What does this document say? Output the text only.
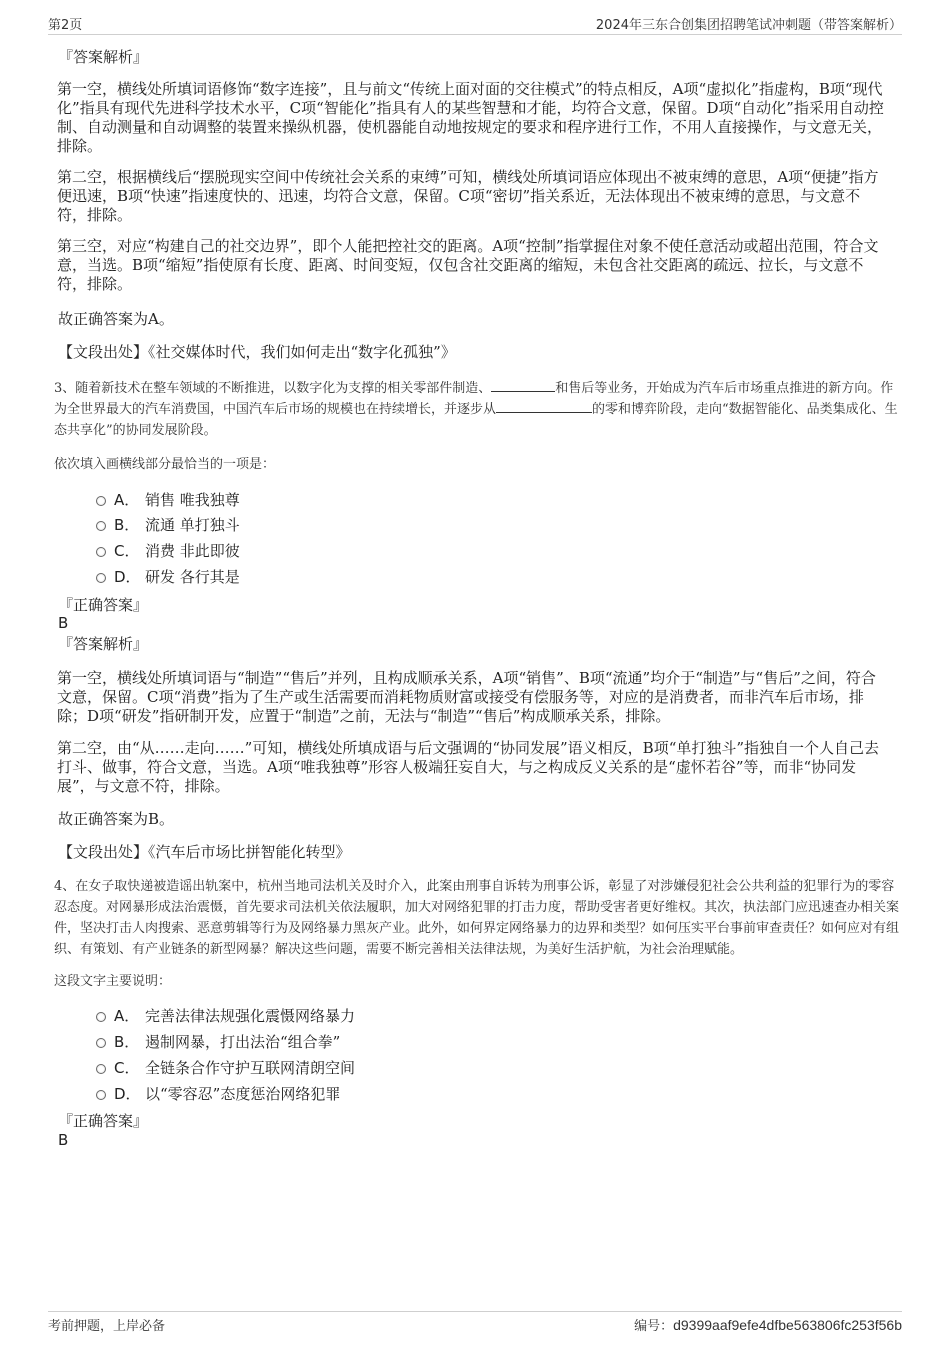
第2页	2024年三东合创集团招聘笔试冲刺题（带答案解析）
『答案解析』
第一空，横线处所填词语修饰“数字连接”，且与前文“传统上面对面的交往模式”的特点相反，A项“虚拟化”指虚构，B项“现代化”指具有现代先进科学技术水平，C项“智能化”指具有人的某些智慧和才能，均符合文意，保留。D项“自动化”指采用自动控制、自动测量和自动调整的装置来操纵机器，使机器能自动地按规定的要求和程序进行工作，不用人直接操作，与文意无关，排除。
第二空，根据横线后“摆脱现实空间中传统社会关系的束缚”可知，横线处所填词语应体现出不被束缚的意思，A项“便捷”指方便迅速，B项“快速”指速度快的、迅速，均符合文意，保留。C项“密切”指关系近，无法体现出不被束缚的意思，与文意不符，排除。
第三空，对应“构建自己的社交边界”，即个人能把控社交的距离。A项“控制”指掌握住对象不使任意活动或超出范围，符合文意，当选。B项“缩短”指使原有长度、距离、时间变短，仅包含社交距离的缩短，未包含社交距离的疏远、拉长，与文意不符，排除。
故正确答案为A。
【文段出处】《社交媒体时代，我们如何走出“数字化孤独”》
3、随着新技术在整车领域的不断推进，以数字化为支撑的相关零部件制造、	和售后等业务，开始成为汽车后市场重点推进的新方向。作为全世界最大的汽车消费国，中国汽车后市场的规模也在持续增长，并逐步从	的零和博弈阶段，走向“数据智能化、品类集成化、生态共享化”的协同发展阶段。
依次填入画横线部分最恰当的一项是：
A． 销售 唯我独尊
B． 流通 单打独斗
C． 消费 非此即彼
D． 研发 各行其是
『正确答案』
B
『答案解析』
第一空，横线处所填词语与“制造”“售后”并列，且构成顺承关系，A项“销售”、B项“流通”均介于“制造”与“售后”之间，符合文意，保留。C项“消费”指为了生产或生活需要而消耗物质财富或接受有偿服务等，对应的是消费者，而非汽车后市场，排除；D项“研发”指研制开发，应置于“制造”之前，无法与“制造”“售后”构成顺承关系，排除。
第二空，由“从……走向……”可知，横线处所填成语与后文强调的“协同发展”语义相反，B项“单打独斗”指独自一个人自己去打斗、做事，符合文意，当选。A项“唯我独尊”形容人极端狂妄自大，与之构成反义关系的是“虚怀若谷”等，而非“协同发展”，与文意不符，排除。
故正确答案为B。
【文段出处】《汽车后市场比拼智能化转型》
4、在女子取快递被造谣出轨案中，杭州当地司法机关及时介入，此案由刑事自诉转为刑事公诉，彰显了对涉嫌侵犯社会公共利益的犯罪行为的零容忍态度。对网暴形成法治震慑，首先要求司法机关依法履职，加大对网络犯罪的打击力度，帮助受害者更好维权。其次，执法部门应迅速查办相关案件，坚决打击人肉搜索、恶意剪辑等行为及网络暴力黑灰产业。此外，如何界定网络暴力的边界和类型？如何压实平台事前审查责任？如何应对有组织、有策划、有产业链条的新型网暴？解决这些问题，需要不断完善相关法律法规，为美好生活护航，为社会治理赋能。
这段文字主要说明：
A． 完善法律法规强化震慑网络暴力
B． 遏制网暴，打出法治“组合拳”
C． 全链条合作守护互联网清朗空间
D． 以“零容忍”态度惩治网络犯罪
『正确答案』
B
考前押题，上岸必备	编号：d9399aaf9efe4dfbe563806fc253f56b
